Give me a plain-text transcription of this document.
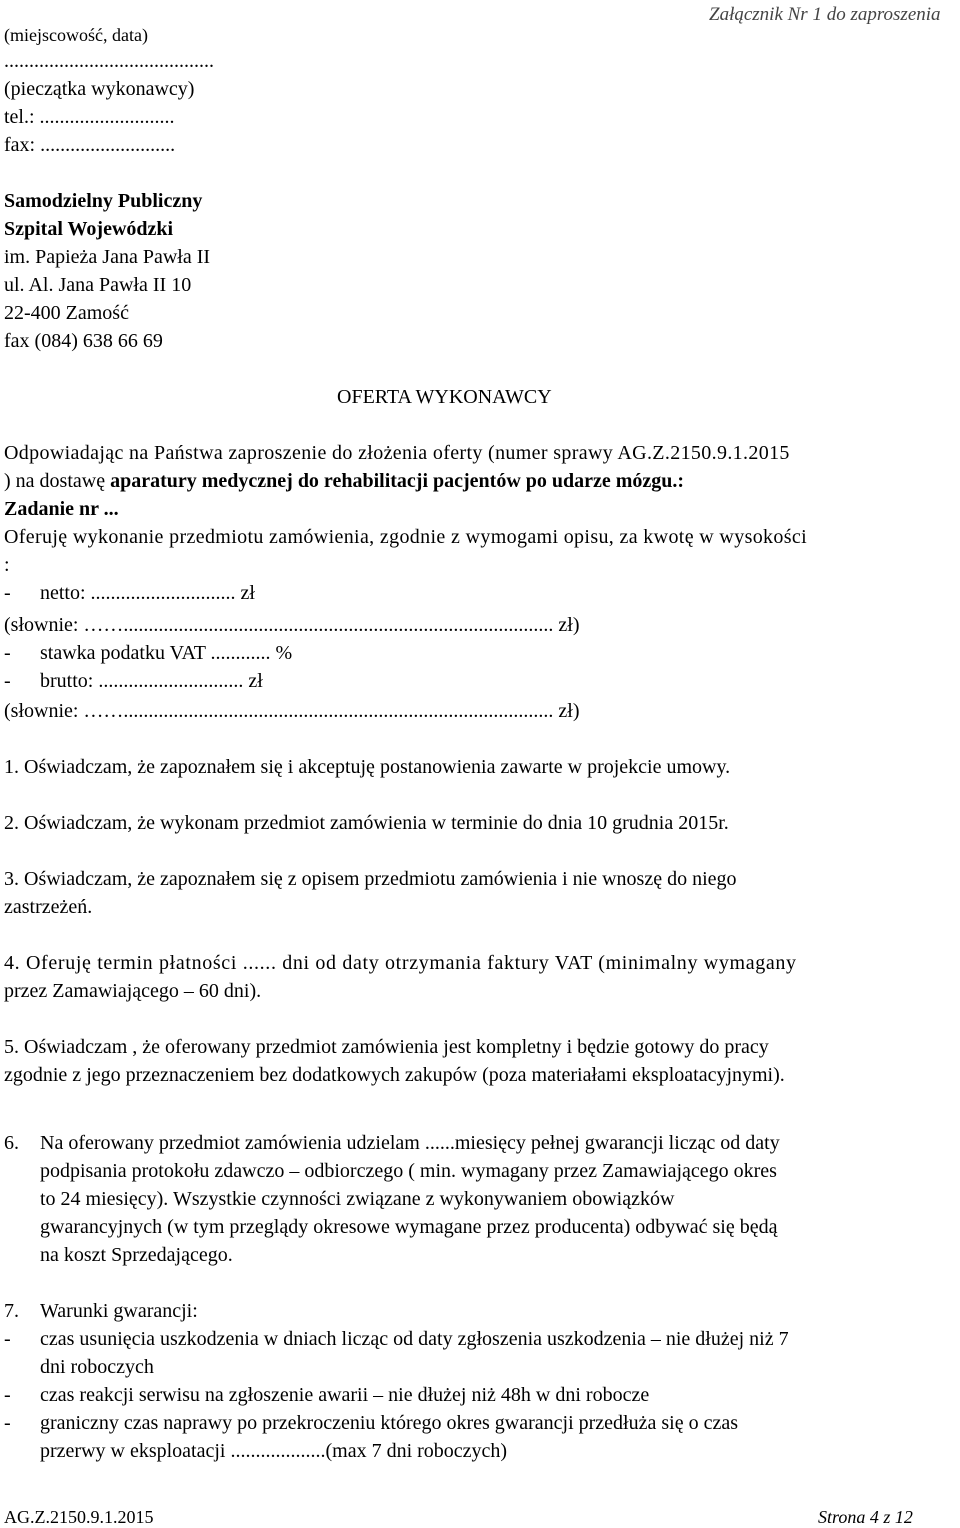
(miejscowość, data)

Załącznik Nr 1 do zaproszenia

..........................................

(pieczątka wykonawcy)

tel.: ...........................

fax: ...........................

Samodzielny Publiczny

Szpital Wojewódzki

im. Papieża Jana Pawła II

ul. Al. Jana Pawła II 10

22-400 Zamość

fax (084) 638 66 69

OFERTA WYKONAWCY

Odpowiadając na Państwa zaproszenie do złożenia oferty (numer sprawy AG.Z.2150.9.1.2015

) na dostawę aparatury medycznej do rehabilitacji pacjentów po udarze mózgu.:

Zadanie nr ...

Oferuję wykonanie przedmiotu zamówienia, zgodnie z wymogami opisu, za kwotę w wysokości

:

- netto: ............................. zł

(słownie: ……...................................................................................... zł)

- stawka podatku VAT ............ %

- brutto: ............................. zł

(słownie: ……...................................................................................... zł)

1. Oświadczam, że zapoznałem się i akceptuję postanowienia zawarte w projekcie umowy.

2. Oświadczam, że wykonam przedmiot zamówienia w terminie do dnia 10 grudnia 2015r.

3. Oświadczam, że zapoznałem się z opisem przedmiotu zamówienia i nie wnoszę do niego

zastrzeżeń.

4. Oferuję termin płatności ...... dni od daty otrzymania faktury VAT (minimalny wymagany

przez Zamawiającego – 60 dni).

5. Oświadczam , że oferowany przedmiot zamówienia jest kompletny i będzie gotowy do pracy

zgodnie z jego przeznaczeniem bez dodatkowych zakupów (poza materiałami eksploatacyjnymi).

6. Na oferowany przedmiot zamówienia udzielam ......miesięcy pełnej gwarancji licząc od daty

podpisania protokołu zdawczo – odbiorczego ( min. wymagany przez Zamawiającego okres

to 24 miesięcy). Wszystkie czynności związane z wykonywaniem obowiązków

gwarancyjnych (w tym przeglądy okresowe wymagane przez producenta) odbywać się będą

na koszt Sprzedającego.

7. Warunki gwarancji:

- czas usunięcia uszkodzenia w dniach licząc od daty zgłoszenia uszkodzenia – nie dłużej niż 7

dni roboczych

- czas reakcji serwisu na zgłoszenie awarii – nie dłużej niż 48h w dni robocze

- graniczny czas naprawy po przekroczeniu którego okres gwarancji przedłuża się o czas

przerwy w eksploatacji ...................(max 7 dni roboczych)

AG.Z.2150.9.1.2015	Strona 4 z 12
